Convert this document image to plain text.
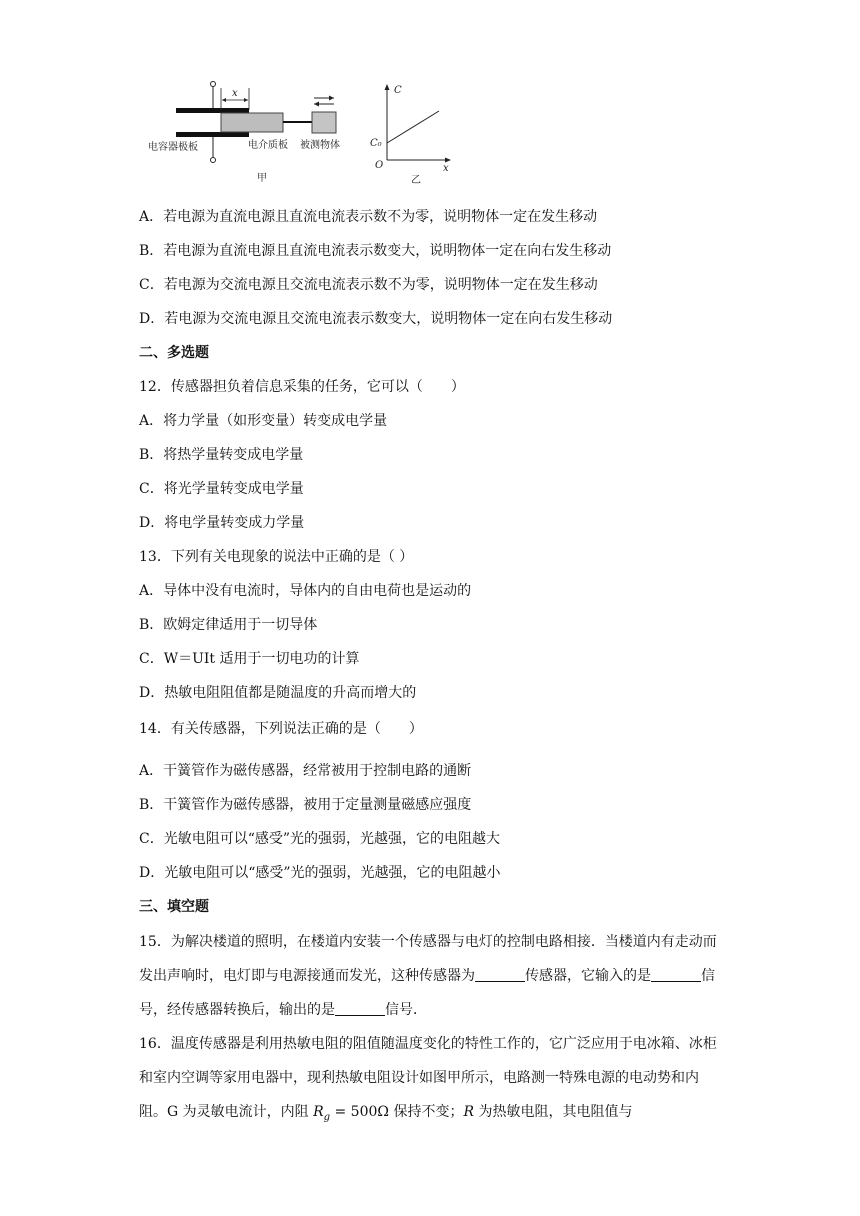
x
电容器极板	电介质板 被测物体
甲
C
C₀
O	x
乙
A．若电源为直流电源且直流电流表示数不为零，说明物体一定在发生移动
B．若电源为直流电源且直流电流表示数变大，说明物体一定在向右发生移动
C．若电源为交流电源且交流电流表示数不为零，说明物体一定在发生移动
D．若电源为交流电源且交流电流表示数变大，说明物体一定在向右发生移动
二、多选题
12．传感器担负着信息采集的任务，它可以（　　）
A．将力学量（如形变量）转变成电学量
B．将热学量转变成电学量
C．将光学量转变成电学量
D．将电学量转变成力学量
13．下列有关电现象的说法中正确的是（ ）
A．导体中没有电流时，导体内的自由电荷也是运动的
B．欧姆定律适用于一切导体
C．W＝UIt 适用于一切电功的计算
D．热敏电阻阻值都是随温度的升高而增大的
14．有关传感器，下列说法正确的是（　　）
A．干簧管作为磁传感器，经常被用于控制电路的通断
B．干簧管作为磁传感器，被用于定量测量磁感应强度
C．光敏电阻可以“感受”光的强弱，光越强，它的电阻越大
D．光敏电阻可以“感受”光的强弱，光越强，它的电阻越小
三、填空题
15．为解决楼道的照明，在楼道内安装一个传感器与电灯的控制电路相接．当楼道内有走动而发出声响时，电灯即与电源接通而发光，这种传感器为	传感器，它输入的是	信号，经传感器转换后，输出的是	信号．
16．温度传感器是利用热敏电阻的阻值随温度变化的特性工作的，它广泛应用于电冰箱、冰柜和室内空调等家用电器中，现利热敏电阻设计如图甲所示，电路测一特殊电源的电动势和内阻。G 为灵敏电流计，内阻 $R_g = 500\Omega$ 保持不变；R 为热敏电阻，其电阻值与
